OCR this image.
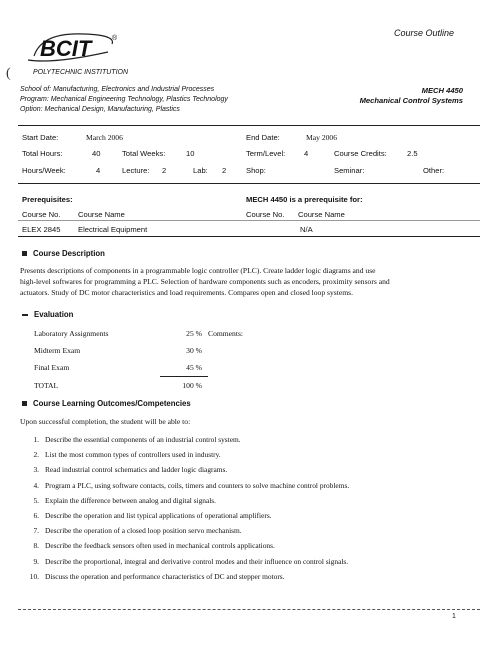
BCIT	®
Course Outline
(	POLYTECHNIC INSTITUTION
School of: Manufacturing, Electronics and Industrial Processes
Program: Mechanical Engineering Technology, Plastics Technology
Option: Mechanical Design, Manufacturing, Plastics
MECH 4450
Mechanical Control Systems
Start Date:	March 2006	End Date:	May 2006
Total Hours:	40	Total Weeks:	10	Term/Level: 4	Course Credits:	2.5
Hours/Week:	4	Lecture: 2	Lab: 2	Shop:	Seminar:	Other:
Prerequisites:
Course No. Course Name
ELEX 2845 Electrical Equipment
MECH 4450 is a prerequisite for:
Course No. Course Name
N/A
Course Description
Presents descriptions of components in a programmable logic controller (PLC). Create ladder logic diagrams and use
high-level softwares for programming a PLC. Selection of hardware components such as encoders, proximity sensors and
actuators. Study of DC motor characteristics and load requirements. Compares open and closed loop systems.
Evaluation
Laboratory Assignments	25 %	Comments:
Midterm Exam	30 %	
Final Exam	45 %	
TOTAL	100 %	
Course Learning Outcomes/Competencies
Upon successful completion, the student will be able to:
1. Describe the essential components of an industrial control system.
2. List the most common types of controllers used in industry.
3. Read industrial control schematics and ladder logic diagrams.
4. Program a PLC, using software contacts, coils, timers and counters to solve machine control problems.
5. Explain the difference between analog and digital signals.
6. Describe the operation and list typical applications of operational amplifiers.
7. Describe the operation of a closed loop position servo mechanism.
8. Describe the feedback sensors often used in mechanical controls applications.
9. Describe the proportional, integral and derivative control modes and their influence on control signals.
10. Discuss the operation and performance characteristics of DC and stepper motors.
1
